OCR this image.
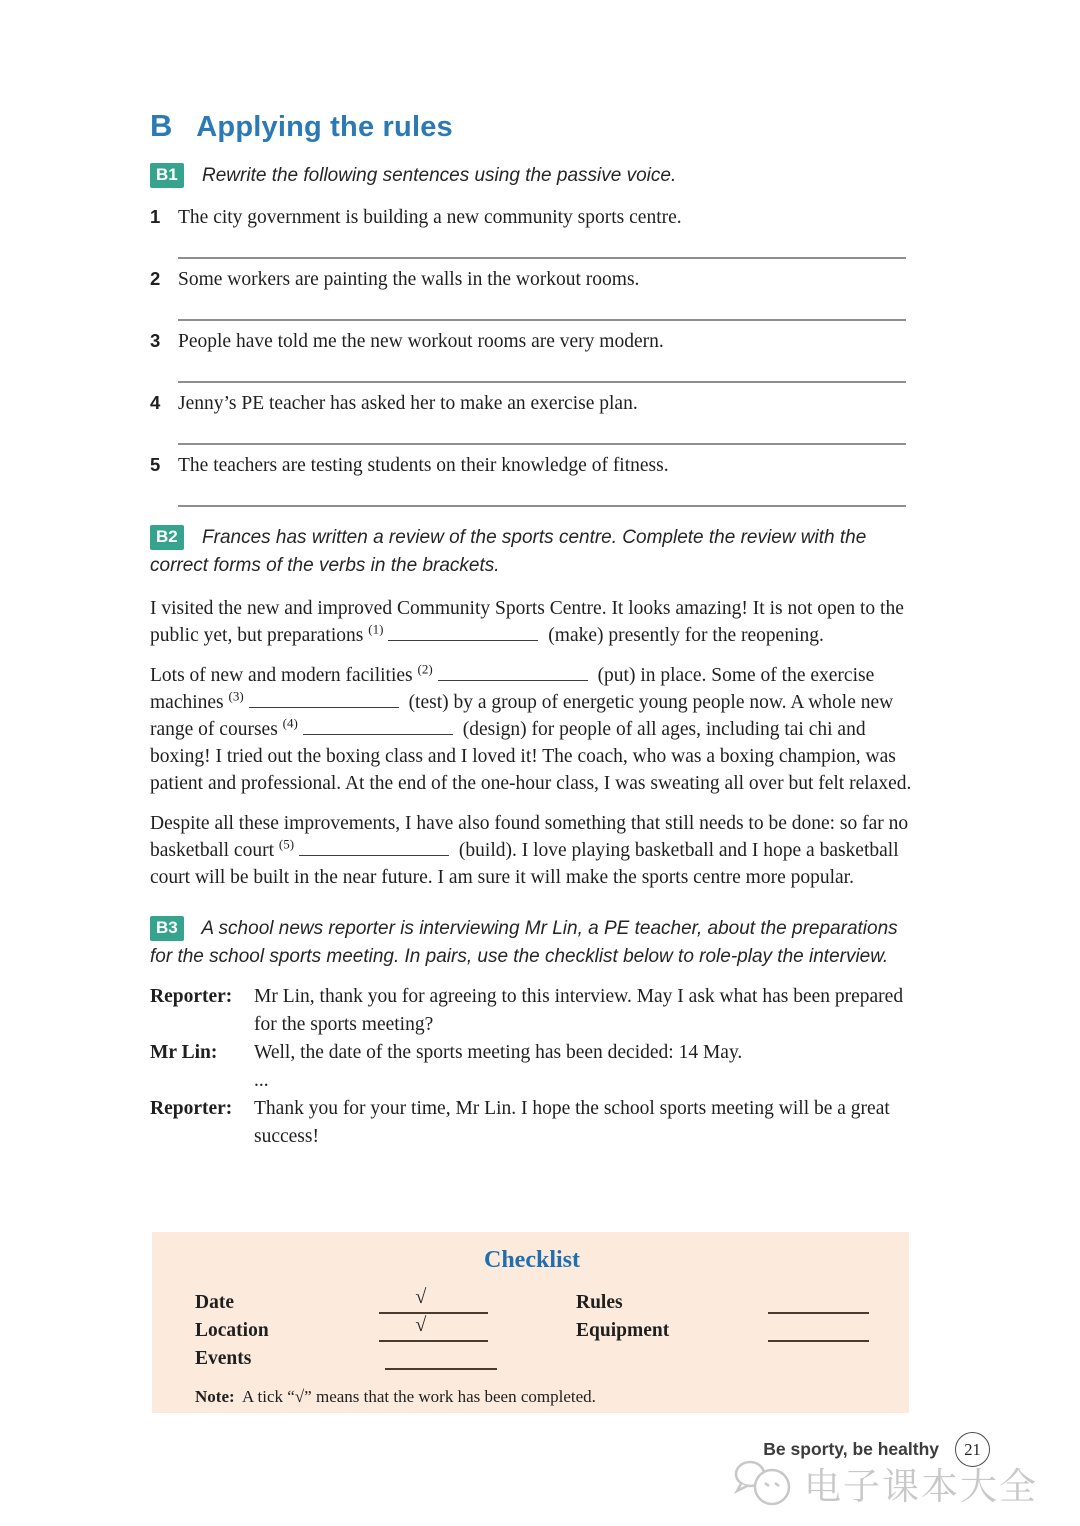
B Applying the rules

B1 Rewrite the following sentences using the passive voice.

1 The city government is building a new community sports centre.
2 Some workers are painting the walls in the workout rooms.
3 People have told me the new workout rooms are very modern.
4 Jenny’s PE teacher has asked her to make an exercise plan.
5 The teachers are testing students on their knowledge of fitness.

B2 Frances has written a review of the sports centre. Complete the review with the correct forms of the verbs in the brackets.

I visited the new and improved Community Sports Centre. It looks amazing! It is not open to the public yet, but preparations $^{(1)}$	(make) presently for the reopening.

Lots of new and modern facilities $^{(2)}$	(put) in place. Some of the exercise machines $^{(3)}$	(test) by a group of energetic young people now. A whole new range of courses $^{(4)}$	(design) for people of all ages, including tai chi and boxing! I tried out the boxing class and I loved it! The coach, who was a boxing champion, was patient and professional. At the end of the one-hour class, I was sweating all over but felt relaxed.

Despite all these improvements, I have also found something that still needs to be done: so far no basketball court $^{(5)}$	(build). I love playing basketball and I hope a basketball court will be built in the near future. I am sure it will make the sports centre more popular.

B3 A school news reporter is interviewing Mr Lin, a PE teacher, about the preparations for the school sports meeting. In pairs, use the checklist below to role-play the interview.

Reporter:	Mr Lin, thank you for agreeing to this interview. May I ask what has been prepared for the sports meeting?
Mr Lin:	Well, the date of the sports meeting has been decided: 14 May.
...
Reporter:	Thank you for your time, Mr Lin. I hope the school sports meeting will be a great success!
Checklist
Date	√	Rules
Location	√	Equipment
Events

Note: A tick “√” means that the work has been completed.

Be sporty, be healthy 21
电子课本大全
